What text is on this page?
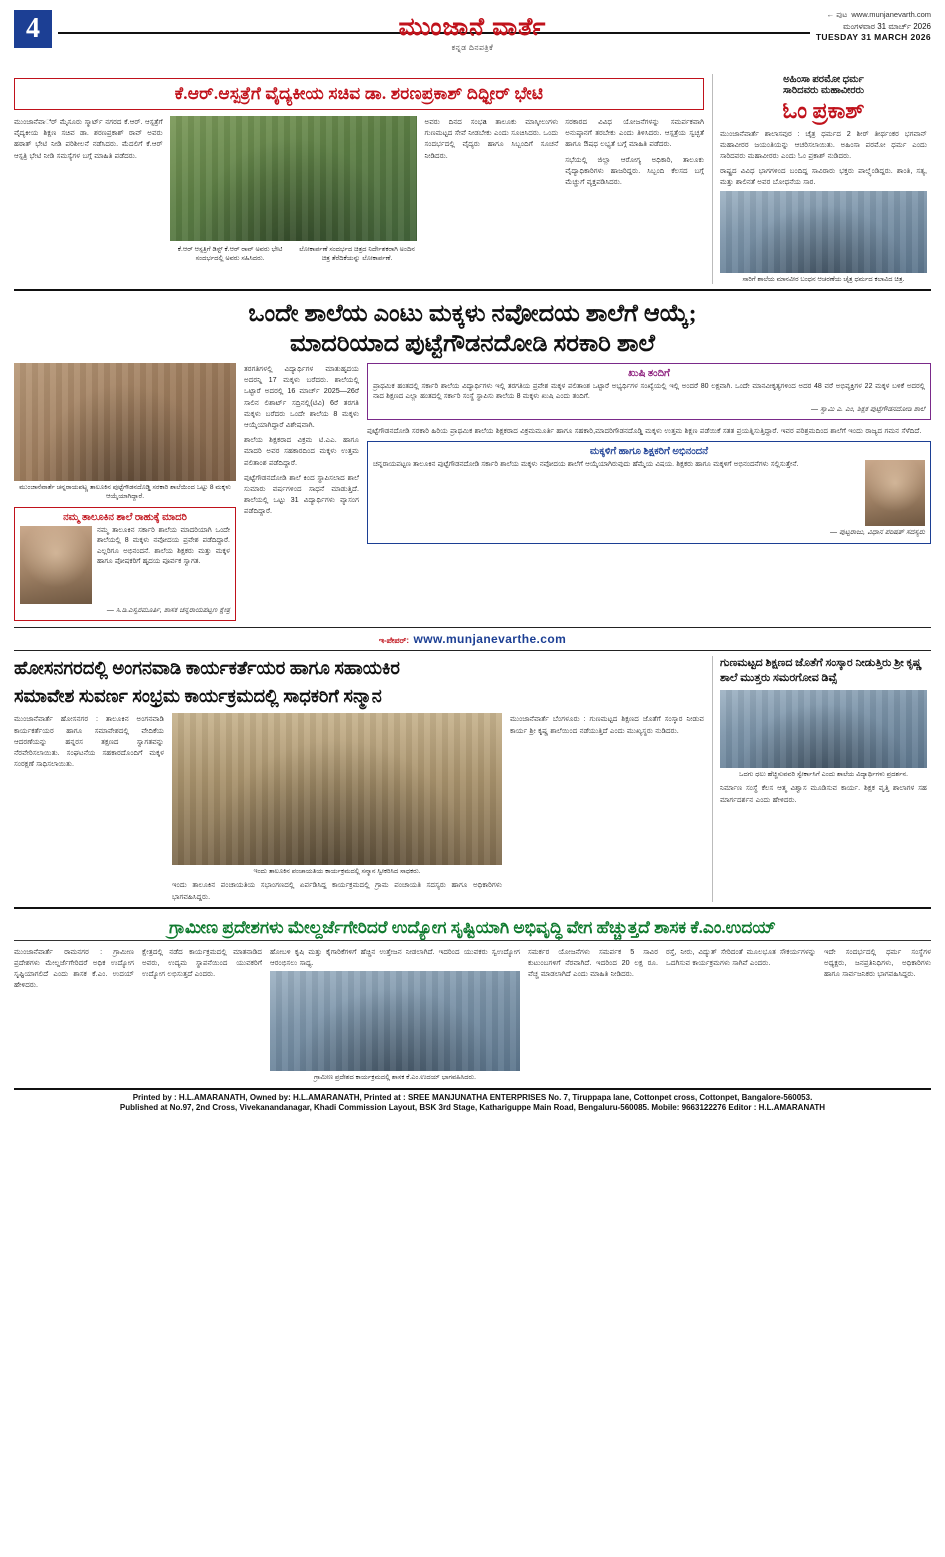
4	ಮುಂಜಾನೆ ವಾರ್ತೆ
ಕನ್ನಡ ದಿನಪತ್ರಿಕೆ
← ಪುಟ www.munjanevarth.com
ಮಂಗಳವಾರ 31 ಮಾರ್ಚ್ 2026
TUESDAY 31 MARCH 2026
ಕೆ.ಆರ್.ಆಸ್ಪತ್ರೆಗೆ ವೈದ್ಯಕೀಯ ಸಚಿವ ಡಾ. ಶರಣಪ್ರಕಾಶ್ ದಿಧ್ಟೀರ್ ಭೇಟಿ
ಮುಂಜಾನೆವಾರ್ೆ ಮೈಸೂರು ಸ್ಮಾರ್ಟ್ ನಗರದ ಕೆ.ಆರ್. ಆಸ್ಪತ್ರೆಗೆ ವೈದ್ಯಕೀಯ ಶಿಕ್ಷಣ ಸಚಿವ ಡಾ. ಶರಣಪ್ರಕಾಶ್ ರಾವ್ ಅವರು ಹಠಾತ್ ಭೇಟಿ ನೀಡಿ ಪರಿಶೀಲನೆ ನಡೆಸಿದರು. ಮೆದಲಿಗೆ ಕೆ.ಆರ್ ಆಸ್ಪತ್ರಿ ಭೇಟಿ ನೀಡಿ ಸಮಸ್ಯೆಗಳ ಬಗ್ಗೆ ಮಾಹಿತಿ ಪಡೆದರು.
ಕೆ.ಆರ್ ಆಸ್ಪತ್ರಿಗೆ ಡಿಸ್ಟ್ ಕೆ.ಆರ್ ರಾವ್ ಅವರು ಭೇಟಿ ಸಂದರ್ಭದಲ್ಲಿ ಅವರು ಸಹಿಸಿದರು.
ಲೋಕಾರ್ಪಣೆ ಸಂದರ್ಭದ ಚಿತ್ರದ ನಿರ್ದೇಶಕರಾಗಿ ಅಂದಿನ ಚಿತ್ರ ತೆರೆದಿಕೆಯನ್ನು ಲೋಕಾರ್ಪಣೆ.
ಅವರು ದಿನದ ಸಂಭa ತಾಲೂಕು ಮಾಸ್ಕೀಲುಗಳು ಗುಣಮಟ್ಟದ ಸೇವೆ ನೀಡಬೇಕು ಎಂದು ಸೂಚಿಸಿದರು. ಒಂದು ಸಂದರ್ಭದಲ್ಲಿ ವೈದ್ಯರು ಹಾಗೂ ಸಿಬ್ಬಂದಿಗೆ ಸೂಚನೆ ನೀಡಿದರು.
ಸರಕಾರದ ವಿವಿಧ ಯೋಜನೆಗಳನ್ನು ಸಮರ್ಪಕವಾಗಿ ಅನುಷ್ಠಾನಗೆ ತರಬೇಕು ಎಂದು ತಿಳಿಸಿದರು. ಆಸ್ಪತ್ರೆಯ ಸ್ವಚ್ಛತೆ ಹಾಗೂ ಔಷಧ ಲಭ್ಯತೆ ಬಗ್ಗೆ ಮಾಹಿತಿ ಪಡೆದರು.
ಸಭೆಯಲ್ಲಿ ಜಿಲ್ಲಾ ಆರೋಗ್ಯ ಅಧಿಕಾರಿ, ತಾಲೂಕು ವೈದ್ಯಾಧಿಕಾರಿಗಳು ಹಾಜರಿದ್ದರು. ಸಿಬ್ಬಂದಿ ಕೆಲಸದ ಬಗ್ಗೆ ಮೆಚ್ಚುಗೆ ವ್ಯಕ್ತಪಡಿಸಿದರು.
ಅಹಿಂಸಾ ಪರಮೋ ಧರ್ಮ
ಸಾರಿದವರು ಮಹಾವೀರರು
ಓಂ ಪ್ರಕಾಶ್
ಮುಂಜಾನೆವಾರ್ತೆ ಶಾಲಾಸವುರ : ಚೈತ್ರ ಧರ್ಮದ 2 ಶೀರ್ ತೀರ್ಥಂಕರ ಭಗವಾನ್ ಮಹಾವೀರರ ಜಯಂತಿಯನ್ನು ಆಚರಿಸಲಾಯಿತು. ಅಹಿಂಸಾ ಪರಮೋ ಧರ್ಮ ಎಂದು ಸಾರಿದವರು ಮಹಾವೀರರು ಎಂದು ಓಂ ಪ್ರಕಾಶ್ ನುಡಿದರು.
ರಾಷ್ಟ್ರದ ವಿವಿಧ ಭಾಗಗಳಿಂದ ಬಂದಿದ್ದ ಸಾವಿರಾರು ಭಕ್ತರು ಪಾಲ್ಗ್ಳೆಂಡಿದ್ದರು. ಶಾಂತಿ, ಸತ್ಯ, ಮತ್ತು ಶಾಲಿನತೆ ಅವರ ಬೋಧನೆಯ ಸಾರ.
ಸಾರಿಗೆ ಶಾಲೆಯ ಮಾನವೀರ ಬಂಧನ ಆಚರಣೆಯ ಚೈತ್ರ ಧರ್ಮದ ಕಲಾವಿದ ಚಿತ್ರ.
ಒಂದೇ ಶಾಲೆಯ ಎಂಟು ಮಕ್ಕಳು ನವೋದಯ ಶಾಲೆಗೆ ಆಯ್ಕೆ;
ಮಾದರಿಯಾದ ಪುಟ್ಟೆಗೌಡನದೋಡಿ ಸರಕಾರಿ ಶಾಲೆ
ಮುಂಜಾನೆವಾರ್ತೆ ಚನ್ನರಾಯಪಟ್ಣ ತಾಲೂಕಿನ ಪುಟ್ಟೆಗೌಡನದೊಡ್ಡಿ ಸರಕಾರಿ ಶಾಲೆಯಿಂದ ಒಟ್ಟು 8 ಮಕ್ಕಳು ಆಯ್ಕೆಯಾಗಿದ್ದಾರೆ.
ನಮ್ಮ ತಾಲೂಕಿನ ಶಾಲೆ ರಾಹುಕ್ಕೆ ಮಾದರಿ
ನಮ್ಮ ತಾಲೂಕಿನ ಸರ್ಕಾರಿ ಶಾಲೆಯ ಮಾದರಿಯಾಗಿ ಒಂದೇ ಶಾಲೆಯಲ್ಲಿ 8 ಮಕ್ಕಳು ನವೋದಯ ಪ್ರವೇಶ ಪಡೆದಿದ್ದಾರೆ. ಎಲ್ಲರಿಗೂ ಅಭಿನಂದನೆ. ಶಾಲೆಯ ಶಿಕ್ಷಕರು ಮತ್ತು ಮಕ್ಕಳ ಹಾಗೂ ಪೋಷಕರಿಗೆ ಹೃದಯ ಪೂರ್ವಕ ಸ್ವಾಗತ.
— ಸಿ.ಡಿ.ಎಸ್ವರಮೂರ್ತಿ, ಶಾಸಕ ಚನ್ನರಾಯಪಟ್ಟಣ ಕ್ಷೇತ್ರ
ತರಗತಿಗಳಲ್ಲಿ ವಿದ್ಯಾರ್ಥಿಗಳ ಮಾತುಹೃದಯ ಅದರನ್ನಿ 17 ಮಕ್ಕಳು ಬರೆದರು. ಶಾಲೆಯಲ್ಲಿ ಒಟ್ಟಾರೆ ಅದರಲ್ಲಿ 16 ಮಾರ್ಚ್ 2025—26ರೆ ಸಾಲಿನ ಲಿಶಾರ್ಟ್ ಸದ್ರಿನಲ್ಲಿ(ಟಿವಿ) 6ರೆ ತರಗತಿ ಮಕ್ಕಳು ಬರೆದರು ಒಂದೇ ಶಾಲೆಯ 8 ಮಕ್ಕಳು ಆಯ್ಕೆಯಾಗಿದ್ದಾರೆ ವಿಶೇಷವಾಗಿ.
ಶಾಲೆಯ ಶಿಕ್ಷಕರಾದ ವಿಕ್ರಮ ಟಿ.ಎಎ. ಹಾಗೂ ಮಾದರಿ ಅವರ ಸಹಕಾರದಿಂದ ಮಕ್ಕಳು ಉತ್ತಮ ಪಲಿತಾಂಶ ಪಡೆದಿದ್ದಾರೆ.
ಪುಟ್ಟೆಗೌಡನದೋಡಿ ಶಾಲೆ ಕಿಂದ ಸ್ಥಾಪಿಸಲಾದ ಶಾಲೆ ಸುಮಾರು ವರ್ಷಗಳಿಂದ ಸಾಧನೆ ಮಾಡುತ್ತಿದೆ. ಶಾಲೆಯಲ್ಲಿ ಒಟ್ಟು 31 ವಿದ್ಯಾರ್ಥಿಗಳು ವ್ಯಾಸಂಗ ಪಡೆದಿದ್ದಾರೆ.
ಖುಷಿ ತಂದಿಗೆ
ಪ್ರಾಥಮಿಕ ಹಂತದಲ್ಲಿ ಸರ್ಕಾರಿ ಶಾಲೆಯ ವಿದ್ಯಾರ್ಥಿಗಳು ಇಲ್ಲಿ ತರಗತಿಯ ಪ್ರವೇಶ ಮಕ್ಕಳ ಪಲಿತಾಂಶ ಒಟ್ಟಾರೆ ಅಭ್ಯರ್ಥಿಗಳ ಸಂಖ್ಯೆಯಲ್ಲಿ ಇಲ್ಲಿ ಅಂದರೆ 80 ಲಕ್ಷವಾಗಿ. ಒಂದೇ ಮಾನವೀಕೃತ್ಯಗಳಿಂದ ಅದರ 48 ವರೆ ಅಭಿವ್ಯಕ್ತಿಗಳ 22 ಮಕ್ಕಳ ಬಳಿಕೆ ಅದರಲ್ಲಿ ನಾದ ಶಿಕ್ಷಣದ ಎಲ್ಲಾ ಹಂತದಲ್ಲಿ ಸರ್ಕಾರಿ ಸಂಸ್ಥೆ ಸ್ಥಾಪಿಸು ಶಾಲೆಯ 8 ಮಕ್ಕಳು ಖುಷಿ ಎಂದು ತಂದಿಗೆ.
— ಸ್ವಾಮಿ ಎ. ಎಂ, ಶಿಕ್ಷಕ ಪುಟ್ಟೆಗೌಡನದೋಡಿ ಶಾಲೆ
ಪುಟ್ಟೆಗೌಡನದೋಡಿ ಸರಕಾರಿ ಹಿರಿಯ ಪ್ರಾಥಮಿಕ ಶಾಲೆಯ ಶಿಕ್ಷಕರಾದ ವಿಕ್ರಮಮೂರ್ತಿ ಹಾಗೂ ಸಹಕಾರಿ,ಮಾದರಿಗೌಡನದೊಡ್ಡಿ ಮಕ್ಕಳು ಉತ್ತಮ ಶಿಕ್ಷಣ ಪಡೆಯಿಕೆ ಸತತ ಪ್ರಯತ್ನಿಸುತ್ತಿದ್ದಾರೆ. ಇವರ ಪರಿಶ್ರಮದಿಂದ ಶಾಲೆಗೆ ಇಂದು ರಾಜ್ಯದ ಗಮನ ಸೆಳೆದಿದೆ.
ಮಕ್ಕಳಿಗೆ ಹಾಗೂ ಶಿಕ್ಷಕರಿಗೆ ಅಭಿನಂದನೆ
ಚನ್ನರಾಯಪಟ್ಟಣ ತಾಲೂಕಿನ ಪುಟ್ಟೆಗೌಡನದೋಡಿ ಸರ್ಕಾರಿ ಶಾಲೆಯ ಮಕ್ಕಳು ನವೋದಯ ಶಾಲೆಗೆ ಆಯ್ಕೆಯಾಗಿರುವುದು ಹೆಮ್ಮೆಯ ವಿಷಯ. ಶಿಕ್ಷಕರು ಹಾಗೂ ಮಕ್ಕಳಿಗೆ ಅಭಿನಂದನೆಗಳು ಸಲ್ಲಿಸುತ್ತೇನೆ.
— ಪುಟ್ಟರಾಜು, ವಿಧಾನ ಪರಿಷತ್ ಸದಸ್ಯರು
ಇ-ಪೇಪರ್: www.munjanevarthe.com
ಹೋಸನಗರದಲ್ಲಿ ಅಂಗನವಾಡಿ ಕಾರ್ಯಕರ್ತೆಯರ ಹಾಗೂ ಸಹಾಯಕಿರ
ಸಮಾವೇಶ ಸುವರ್ಣ ಸಂಭ್ರಮ ಕಾರ್ಯಕ್ರಮದಲ್ಲಿ ಸಾಧಕರಿಗೆ ಸನ್ಮಾನ
ಮುಂಜಾನೆವಾರ್ತೆ ಹೋಸನಗರ : ತಾಲೂಕಿನ ಅಂಗನವಾಡಿ ಕಾರ್ಯಕರ್ತೆಯರ ಹಾಗೂ ಸಮಾವೇಶದಲ್ಲಿ ವೇದಿಕೆಯ ಆದರಣೆಯನ್ನು ಹನ್ನರಸ ತಕ್ಷಣದ ಸ್ವಾಗತವನ್ನು ನೆರವೇರಿಸಲಾಯಿತು. ಸಂಘಟನೆಯ ಸಹಕಾರದೊಂದಿಗೆ ಮಕ್ಕಳ ಸಂರಕ್ಷಣೆ ಸಾಧಿಸಲಾಯಿತು.
ಇಂದು ತಾಲೂಕಿನ ಪಂಚಾಯತಿಯ ಕಾರ್ಯಕ್ರಮದಲ್ಲಿ ಸನ್ಮಾನ ಸ್ವೀಕರಿಸಿದ ಸಾಧಕರು.
ಇಂದು ತಾಲೂಕಿನ ಪಂಚಾಯತಿಯ ಸಭಾಂಗಣದಲ್ಲಿ ಏರ್ಪಡಿಸಿದ್ದ ಕಾರ್ಯಕ್ರಮದಲ್ಲಿ ಗ್ರಾಮ ಪಂಚಾಯತಿ ಸದಸ್ಯರು ಹಾಗೂ ಅಧಿಕಾರಿಗಳು ಭಾಗವಹಿಸಿದ್ದರು.
ಮುಂಜಾನೆವಾರ್ತೆ ಬೆಂಗಳೂರು : ಗುಣಮಟ್ಟದ ಶಿಕ್ಷಣದ ಜೊತೆಗೆ ಸಂಸ್ಕಾರ ನೀಡುವ ಕಾರ್ಯ ಶ್ರೀ ಕೃಷ್ಣ ಶಾಲೆಯಿಂದ ನಡೆಯುತ್ತಿದೆ ಎಂದು ಮುಖ್ಯಸ್ಥರು ನುಡಿದರು.
ಗುಣಮಟ್ಟದ ಶಿಕ್ಷಣದ ಜೊತೆಗೆ ಸಂಸ್ಕಾರ ನೀಡುತ್ತಿರು ಶ್ರೀ ಕೃಷ್ಣ ಶಾಲೆ ಮುತ್ತರು ಸಮರಗೋವ ಡಿವ್ಸೆ
ಒದಗು ಧಲು ಹೆಚ್ಚಿಸುವವರಿ ಸ್ವೇರ್ಕಾಸಿಗೆ ಎಂದು ಶಾಲೆಯ ವಿದ್ಯಾರ್ಥಿಗಳು ಪ್ರದರ್ಶನ.
ನಿರ್ಮಾಣ ಸಂಸ್ಥೆ ಕೆಲಸ ಆತ್ಮ ವಿಶ್ವಾಸ ಮೂಡಿಸುವ ಕಾರ್ಯ. ಶಿಕ್ಷಕ ವೃತ್ತಿ ಶಾಲಾಗಳ ಸಹ ಮಾರ್ಗದರ್ಶನ ಎಂದು ಹೇಳಿದರು.
ಗ್ರಾಮೀಣ ಪ್ರದೇಶಗಳು ಮೇಲ್ದರ್ಜೆಗೇರಿದರೆ ಉದ್ಯೋಗ ಸೃಷ್ಟಿಯಾಗಿ ಅಭಿವೃದ್ಧಿ ವೇಗ ಹೆಚ್ಚುತ್ತದೆ ಶಾಸಕ ಕೆ.ಎಂ.ಉದಯ್
ಮುಂಜಾನೆವಾರ್ತೆ ರಾಮನಗರ : ಗ್ರಾಮೀಣ ಪ್ರದೇಶಗಳು ಮೇಲ್ದರ್ಜೆಗೇರಿದರೆ ಅಧಿಕ ಉದ್ಯೋಗ ಸೃಷ್ಟಿಯಾಗಲಿದೆ ಎಂದು ಶಾಸಕ ಕೆ.ಎಂ. ಉದಯ್ ಹೇಳಿದರು.
ಕ್ಷೇತ್ರದಲ್ಲಿ ನಡೆದ ಕಾರ್ಯಕ್ರಮದಲ್ಲಿ ಮಾತನಾಡಿದ ಅವರು, ಉದ್ಯಮ ಸ್ಥಾಪನೆಯಿಂದ ಯುವಕರಿಗೆ ಉದ್ಯೋಗ ಲಭಿಸುತ್ತದೆ ಎಂದರು.
ಹೋಬಳಿ ಕೃಷಿ ಮತ್ತು ಕೈಗಾರಿಕೆಗಳಿಗೆ ಹೆಚ್ಚಿನ ಉತ್ತೇಜನ ನೀಡಲಾಗಿದೆ. ಇದರಿಂದ ಯುವಕರು ಸ್ವಉದ್ಯೋಗ ಆರಂಭಿಸಲು ಸಾಧ್ಯ.
ಗ್ರಾಮೀಣ ಪ್ರದೇಶದ ಕಾರ್ಯಕ್ರಮದಲ್ಲಿ ಶಾಸಕ ಕೆ.ಎಂ.ಉದಯ್ ಭಾಗವಹಿಸಿದರು.
ಸಮರ್ಕರ ಯೋಜನೆಗಳು ಸಮರ್ಪಕ 5 ಸಾವಿರ ಕುಟುಂಬಗಳಿಗೆ ನೆರವಾಗಿದೆ. ಇದರಿಂದ 20 ಲಕ್ಷ ರೂ. ವೆಚ್ಚ ಮಾಡಲಾಗಿದೆ ಎಂದು ಮಾಹಿತಿ ನೀಡಿದರು.
ರಸ್ತೆ, ನೀರು, ವಿದ್ಯುತ್ ಸೇರಿದಂತೆ ಮೂಲಭೂತ ಸೌಕರ್ಯಗಳನ್ನು ಒದಗಿಸುವ ಕಾರ್ಯಕ್ರಮಗಳು ಸಾಗಿವೆ ಎಂದರು.
ಇದೇ ಸಂದರ್ಭದಲ್ಲಿ ಧರ್ಮ ಸಂಸ್ಥೆಗಳ ಅಧ್ಯಕ್ಷರು, ಜನಪ್ರತಿನಿಧಿಗಳು, ಅಧಿಕಾರಿಗಳು ಹಾಗೂ ಸಾರ್ವಜನಿಕರು ಭಾಗವಹಿಸಿದ್ದರು.
Printed by : H.L.AMARANATH, Owned by: H.L.AMARANATH, Printed at : SREE MANJUNATHA ENTERPRISES No. 7, Tiruppapa lane, Cottonpet cross, Cottonpet, Bangalore-560053.
Published at No.97, 2nd Cross, Vivekanandanagar, Khadi Commission Layout, BSK 3rd Stage, Kathariguppe Main Road, Bengaluru-560085. Mobile: 9663122276 Editor : H.L.AMARANATH
